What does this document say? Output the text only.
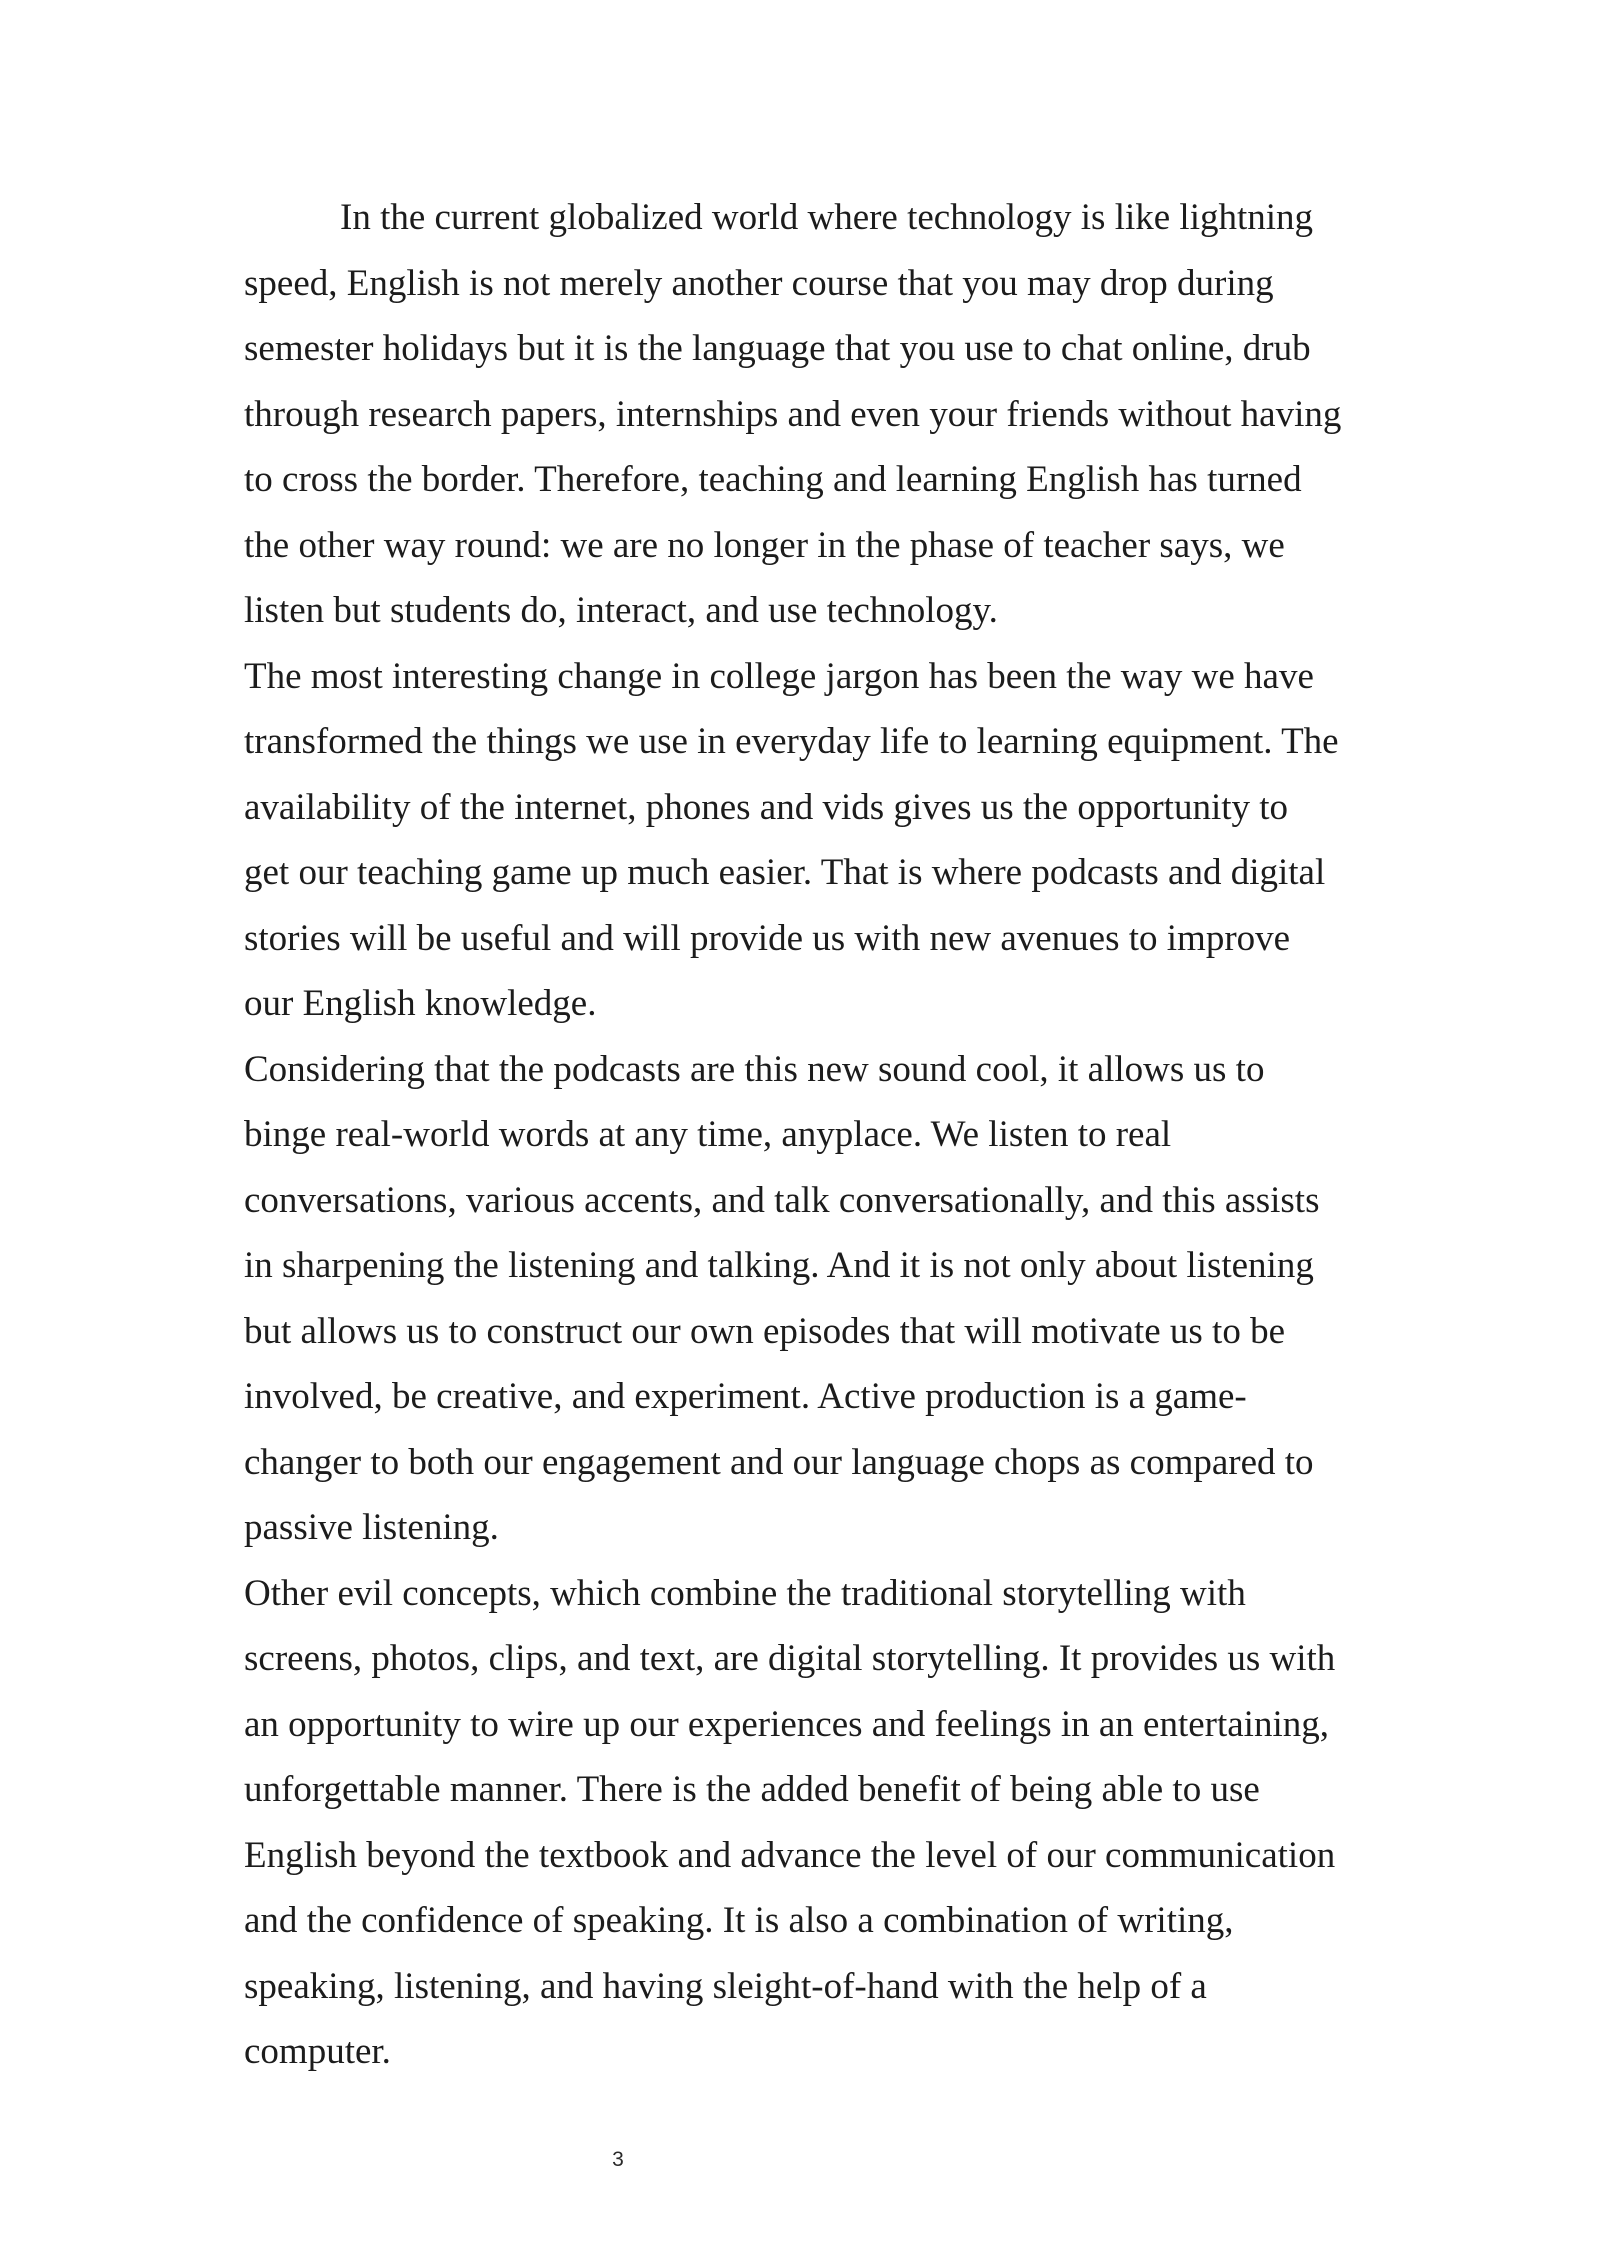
In the current globalized world where technology is like lightning
speed, English is not merely another course that you may drop during
semester holidays but it is the language that you use to chat online, drub
through research papers, internships and even your friends without having
to cross the border. Therefore, teaching and learning English has turned
the other way round: we are no longer in the phase of teacher says, we
listen but students do, interact, and use technology.
The most interesting change in college jargon has been the way we have
transformed the things we use in everyday life to learning equipment. The
availability of the internet, phones and vids gives us the opportunity to
get our teaching game up much easier. That is where podcasts and digital
stories will be useful and will provide us with new avenues to improve
our English knowledge.
Considering that the podcasts are this new sound cool, it allows us to
binge real-world words at any time, anyplace. We listen to real
conversations, various accents, and talk conversationally, and this assists
in sharpening the listening and talking. And it is not only about listening
but allows us to construct our own episodes that will motivate us to be
involved, be creative, and experiment. Active production is a game-
changer to both our engagement and our language chops as compared to
passive listening.
Other evil concepts, which combine the traditional storytelling with
screens, photos, clips, and text, are digital storytelling. It provides us with
an opportunity to wire up our experiences and feelings in an entertaining,
unforgettable manner. There is the added benefit of being able to use
English beyond the textbook and advance the level of our communication
and the confidence of speaking. It is also a combination of writing,
speaking, listening, and having sleight-of-hand with the help of a
computer.
3
